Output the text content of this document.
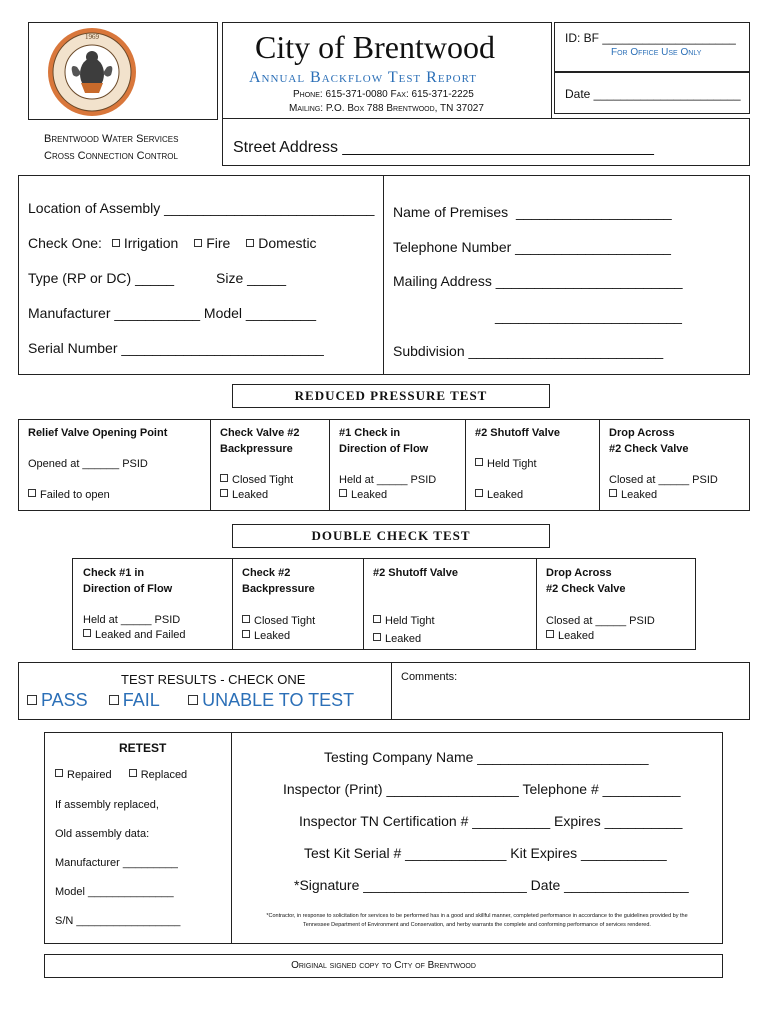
1969	City of Brentwood
Annual Backflow Test Report
Phone: 615-371-0080 Fax: 615-371-2225
Mailing: P.O. Box 788 Brentwood, TN 37027
ID: BF ____________________
For Office Use Only
Date ______________________
Brentwood Water Services
Cross Connection Control	Street Address ___________________________________
Location of Assembly ___________________________
Check One: Irrigation Fire Domestic
Type (RP or DC) _____	Size _____
Manufacturer ___________ Model _________
Serial Number __________________________
Name of Premises ____________________
Telephone Number ____________________
Mailing Address ________________________
________________________
Subdivision _________________________
REDUCED PRESSURE TEST
Relief Valve Opening Point
Opened at ______ PSID
Failed to open
Check Valve #2
Backpressure
Closed Tight
Leaked
#1 Check in
Direction of Flow
Held at _____ PSID
Leaked
#2 Shutoff Valve
Held Tight
Leaked
Drop Across
#2 Check Valve
Closed at _____ PSID
Leaked
DOUBLE CHECK TEST
Check #1 in
Direction of Flow
Held at _____ PSID
Leaked and Failed
Check #2
Backpressure
Closed Tight
Leaked
#2 Shutoff Valve
Held Tight
Leaked
Drop Across
#2 Check Valve
Closed at _____ PSID
Leaked
TEST RESULTS - CHECK ONE
PASS FAIL UNABLE TO TEST
Comments:
RETEST
Repaired	Replaced
If assembly replaced,
Old assembly data:
Manufacturer _________
Model ______________
S/N _________________
Testing Company Name ______________________
Inspector (Print) _________________ Telephone # __________
Inspector TN Certification # __________ Expires __________
Test Kit Serial # _____________ Kit Expires ___________
*Signature _____________________ Date ________________
*Contractor, in response to solicitation for services to be performed has in a good and skillful manner, completed performance in accordance to the guidelines provided by the
Tennessee Department of Environment and Conservation, and herby warrants the complete and conforming performance of services rendered.
Original signed copy to City of Brentwood
